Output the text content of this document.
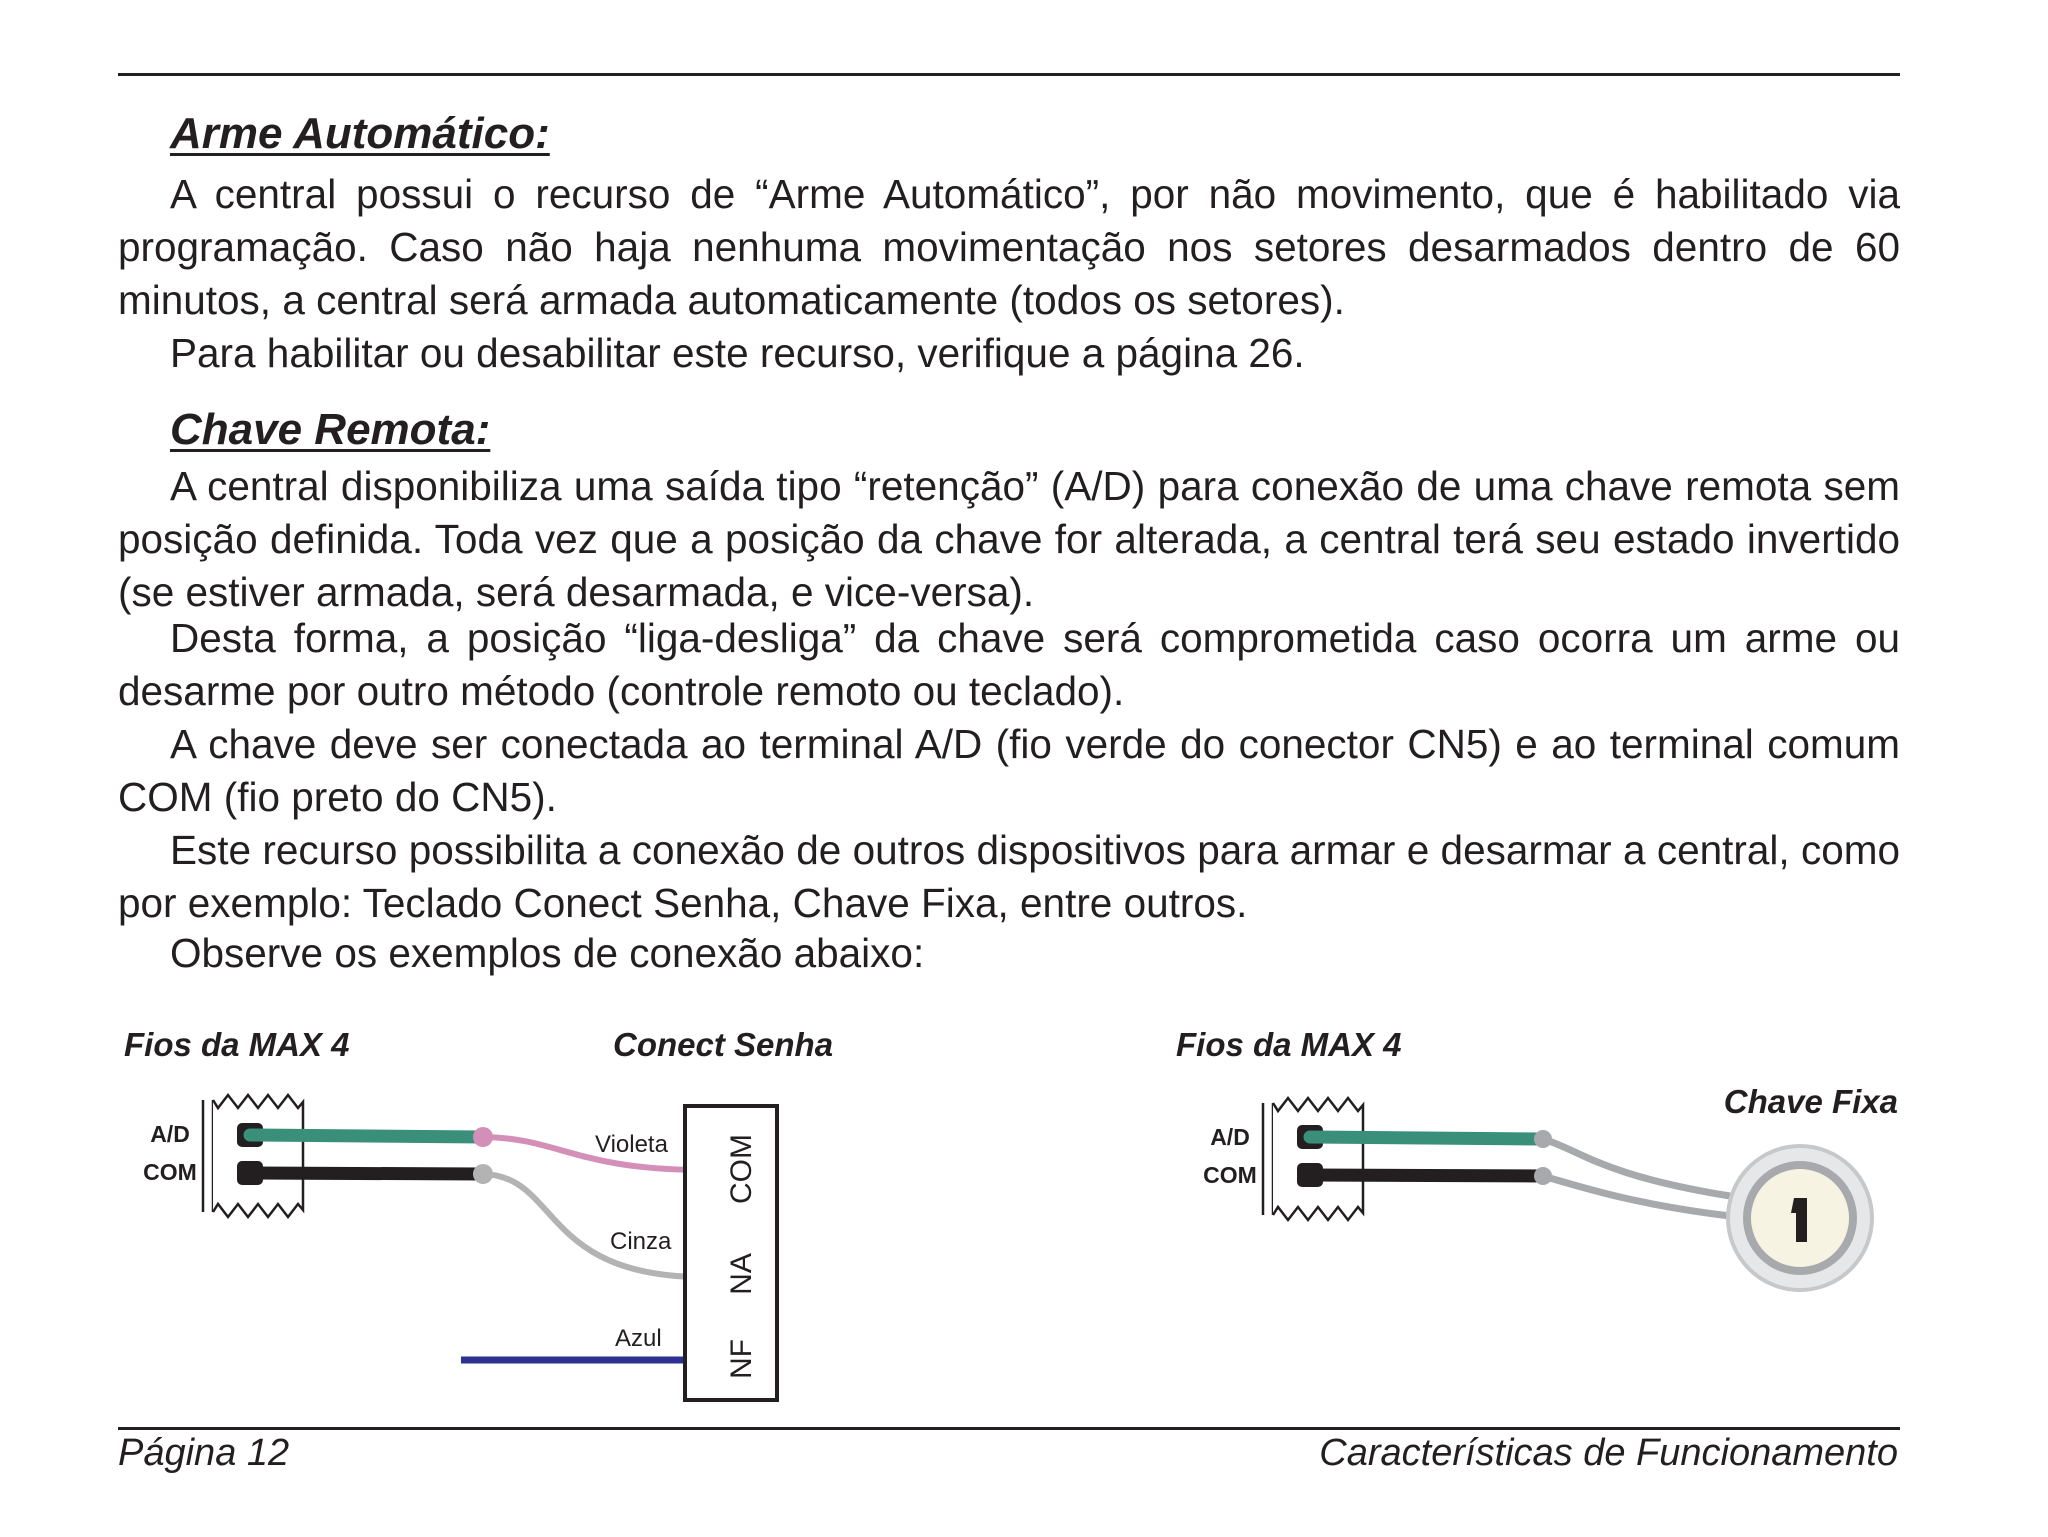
Arme Automático:

A central possui o recurso de “Arme Automático”, por não movimento, que é habilitado via programação. Caso não haja nenhuma movimentação nos setores desarmados dentro de 60 minutos, a central será armada automaticamente (todos os setores).

Para habilitar ou desabilitar este recurso, verifique a página 26.

Chave Remota:

A central disponibiliza uma saída tipo “retenção” (A/D) para conexão de uma chave remota sem posição definida. Toda vez que a posição da chave for alterada, a central terá seu estado invertido (se estiver armada, será desarmada, e vice-versa).

Desta forma, a posição “liga-desliga” da chave será comprometida caso ocorra um arme ou desarme por outro método (controle remoto ou teclado).

A chave deve ser conectada ao terminal A/D (fio verde do conector CN5) e ao terminal comum COM (fio preto do CN5).

Este recurso possibilita a conexão de outros dispositivos para armar e desarmar a central, como por exemplo: Teclado Conect Senha, Chave Fixa, entre outros.

Observe os exemplos de conexão abaixo:

Fios da MAX 4	Conect Senha	Fios da MAX 4
Chave Fixa
A/D
COM
Violeta
Cinza
Azul
COM
NA
NF
A/D
COM
Página 12	Características de Funcionamento
